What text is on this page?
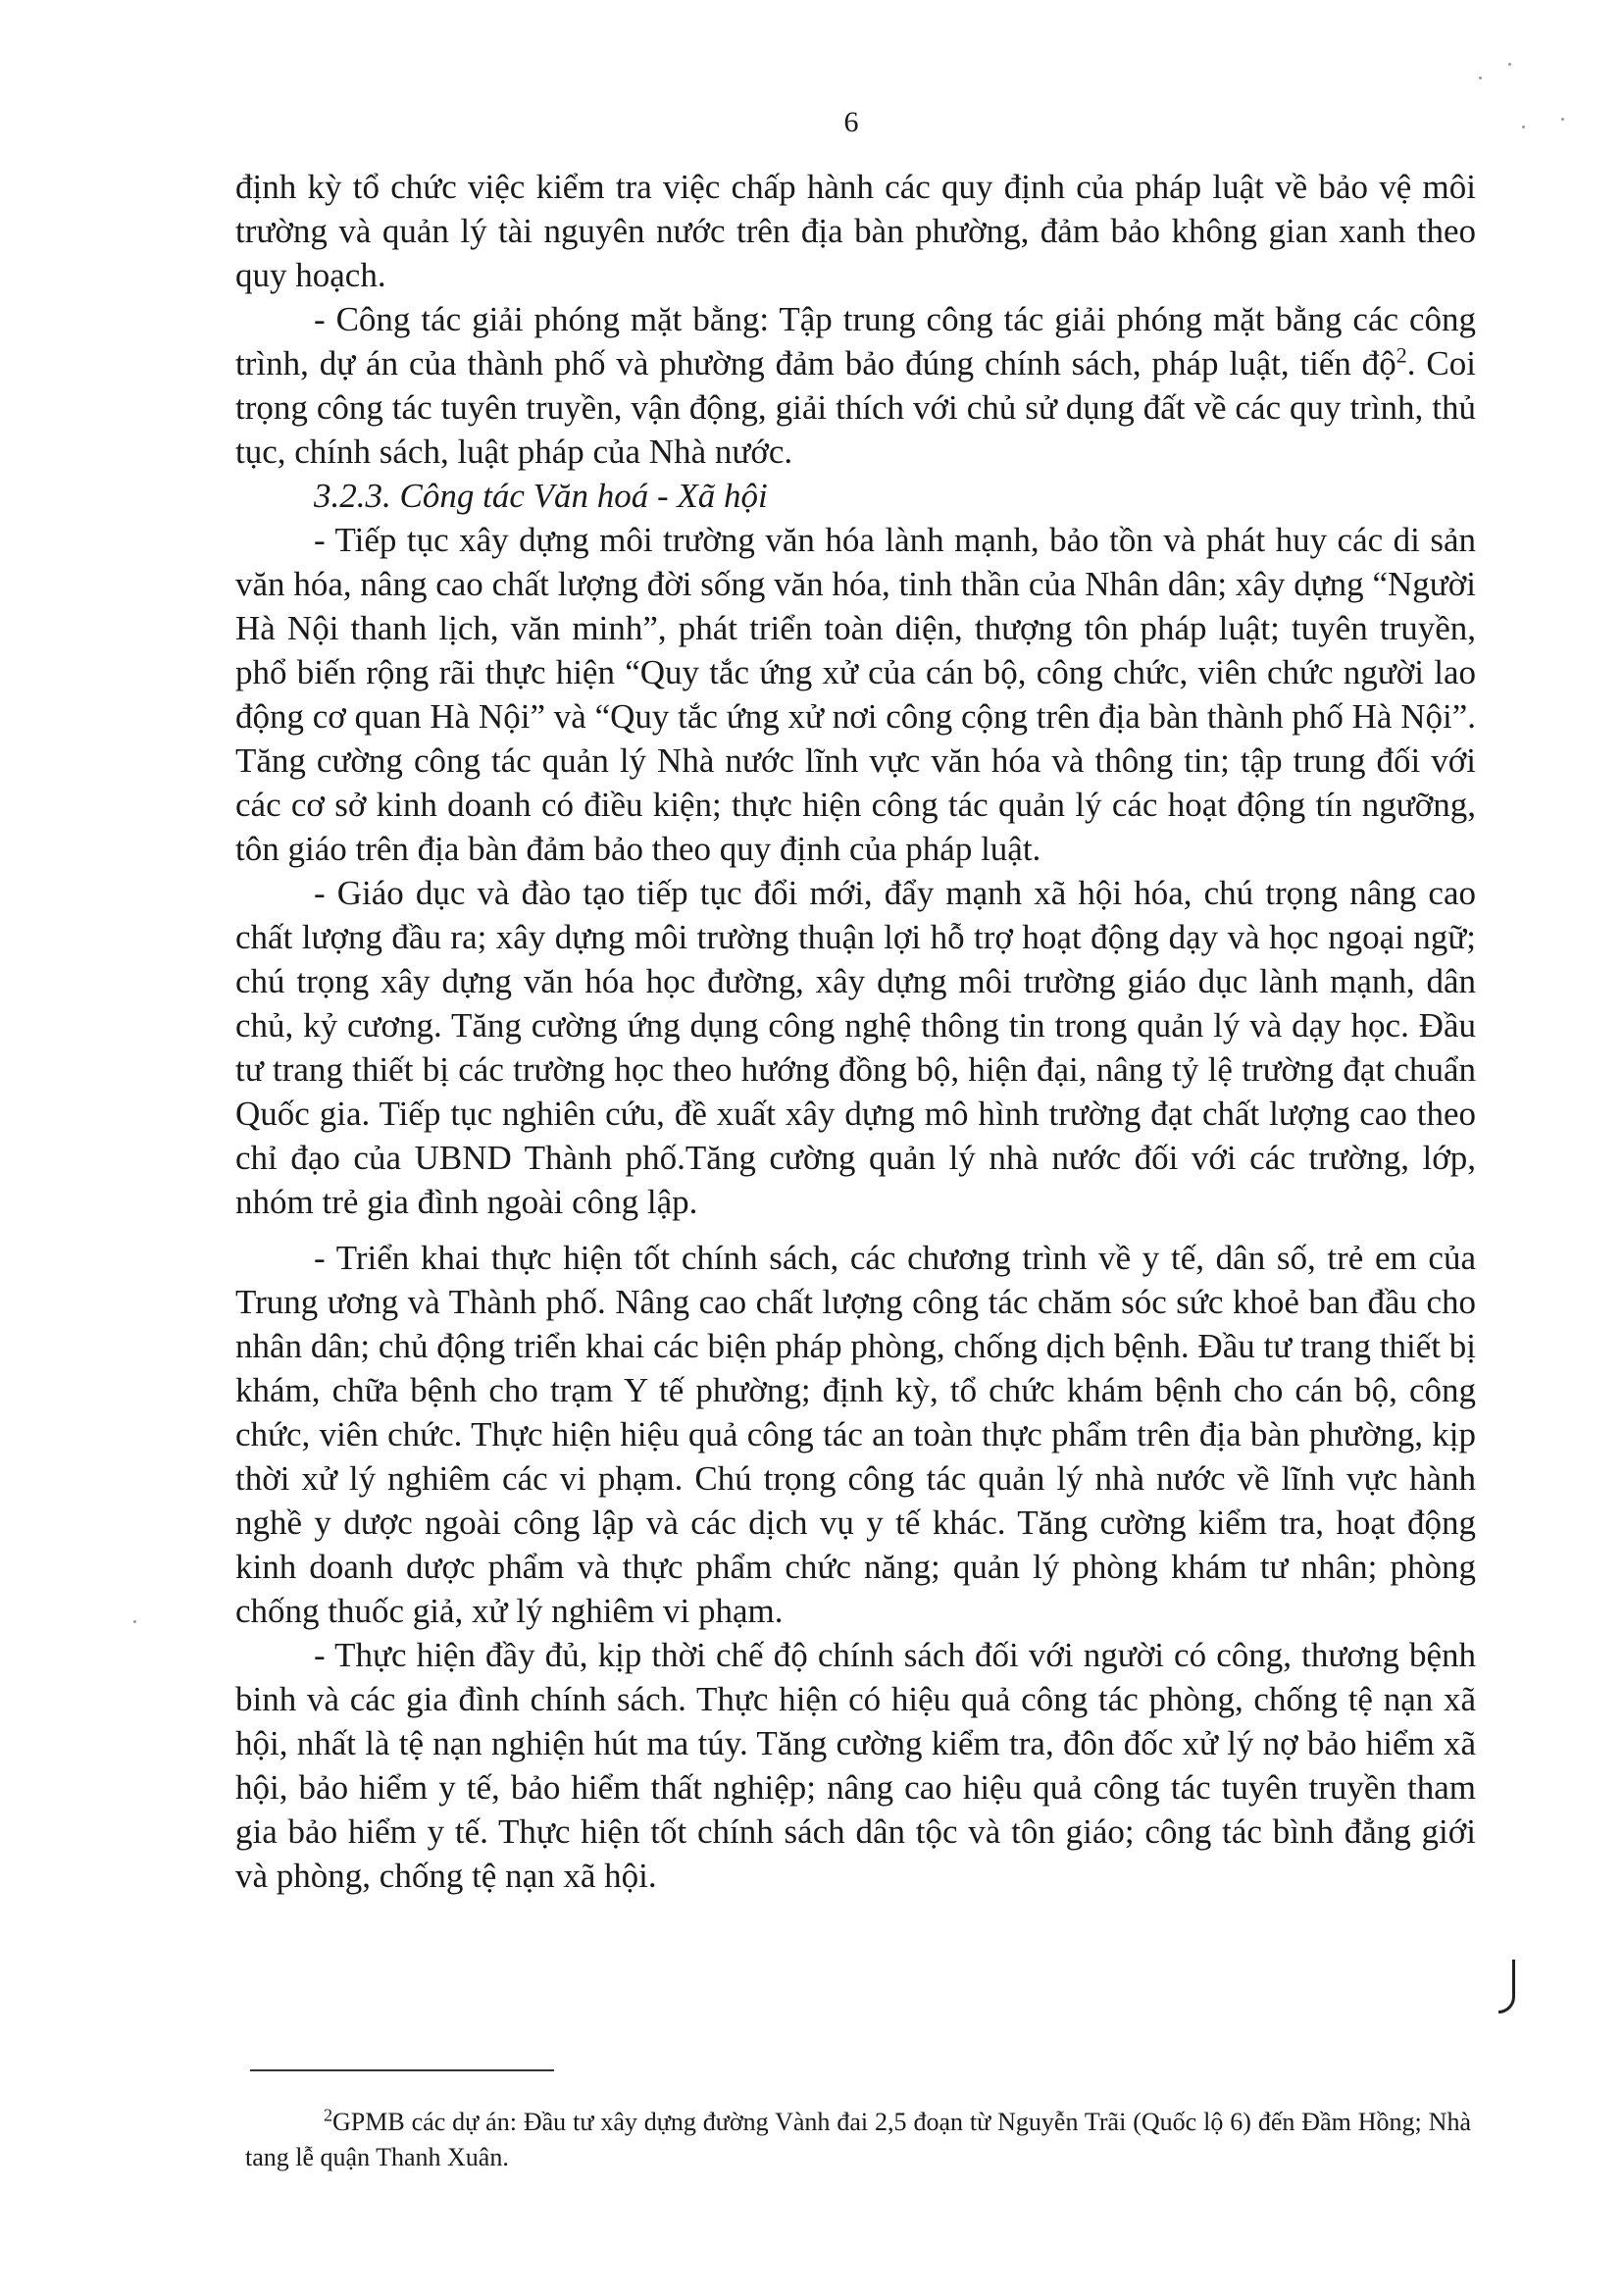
6

định kỳ tổ chức việc kiểm tra việc chấp hành các quy định của pháp luật về bảo vệ môi trường và quản lý tài nguyên nước trên địa bàn phường, đảm bảo không gian xanh theo quy hoạch.

- Công tác giải phóng mặt bằng: Tập trung công tác giải phóng mặt bằng các công trình, dự án của thành phố và phường đảm bảo đúng chính sách, pháp luật, tiến độ$^2$. Coi trọng công tác tuyên truyền, vận động, giải thích với chủ sử dụng đất về các quy trình, thủ tục, chính sách, luật pháp của Nhà nước.

3.2.3. Công tác Văn hoá - Xã hội

- Tiếp tục xây dựng môi trường văn hóa lành mạnh, bảo tồn và phát huy các di sản văn hóa, nâng cao chất lượng đời sống văn hóa, tinh thần của Nhân dân; xây dựng “Người Hà Nội thanh lịch, văn minh”, phát triển toàn diện, thượng tôn pháp luật; tuyên truyền, phổ biến rộng rãi thực hiện “Quy tắc ứng xử của cán bộ, công chức, viên chức người lao động cơ quan Hà Nội” và “Quy tắc ứng xử nơi công cộng trên địa bàn thành phố Hà Nội”. Tăng cường công tác quản lý Nhà nước lĩnh vực văn hóa và thông tin; tập trung đối với các cơ sở kinh doanh có điều kiện; thực hiện công tác quản lý các hoạt động tín ngưỡng, tôn giáo trên địa bàn đảm bảo theo quy định của pháp luật.

- Giáo dục và đào tạo tiếp tục đổi mới, đẩy mạnh xã hội hóa, chú trọng nâng cao chất lượng đầu ra; xây dựng môi trường thuận lợi hỗ trợ hoạt động dạy và học ngoại ngữ; chú trọng xây dựng văn hóa học đường, xây dựng môi trường giáo dục lành mạnh, dân chủ, kỷ cương. Tăng cường ứng dụng công nghệ thông tin trong quản lý và dạy học. Đầu tư trang thiết bị các trường học theo hướng đồng bộ, hiện đại, nâng tỷ lệ trường đạt chuẩn Quốc gia. Tiếp tục nghiên cứu, đề xuất xây dựng mô hình trường đạt chất lượng cao theo chỉ đạo của UBND Thành phố.Tăng cường quản lý nhà nước đối với các trường, lớp, nhóm trẻ gia đình ngoài công lập.

- Triển khai thực hiện tốt chính sách, các chương trình về y tế, dân số, trẻ em của Trung ương và Thành phố. Nâng cao chất lượng công tác chăm sóc sức khoẻ ban đầu cho nhân dân; chủ động triển khai các biện pháp phòng, chống dịch bệnh. Đầu tư trang thiết bị khám, chữa bệnh cho trạm Y tế phường; định kỳ, tổ chức khám bệnh cho cán bộ, công chức, viên chức. Thực hiện hiệu quả công tác an toàn thực phẩm trên địa bàn phường, kịp thời xử lý nghiêm các vi phạm. Chú trọng công tác quản lý nhà nước về lĩnh vực hành nghề y dược ngoài công lập và các dịch vụ y tế khác. Tăng cường kiểm tra, hoạt động kinh doanh dược phẩm và thực phẩm chức năng; quản lý phòng khám tư nhân; phòng chống thuốc giả, xử lý nghiêm vi phạm.

- Thực hiện đầy đủ, kịp thời chế độ chính sách đối với người có công, thương bệnh binh và các gia đình chính sách. Thực hiện có hiệu quả công tác phòng, chống tệ nạn xã hội, nhất là tệ nạn nghiện hút ma túy. Tăng cường kiểm tra, đôn đốc xử lý nợ bảo hiểm xã hội, bảo hiểm y tế, bảo hiểm thất nghiệp; nâng cao hiệu quả công tác tuyên truyền tham gia bảo hiểm y tế. Thực hiện tốt chính sách dân tộc và tôn giáo; công tác bình đẳng giới và phòng, chống tệ nạn xã hội.

$^2$GPMB các dự án: Đầu tư xây dựng đường Vành đai 2,5 đoạn từ Nguyễn Trãi (Quốc lộ 6) đến Đầm Hồng; Nhà tang lễ quận Thanh Xuân.
